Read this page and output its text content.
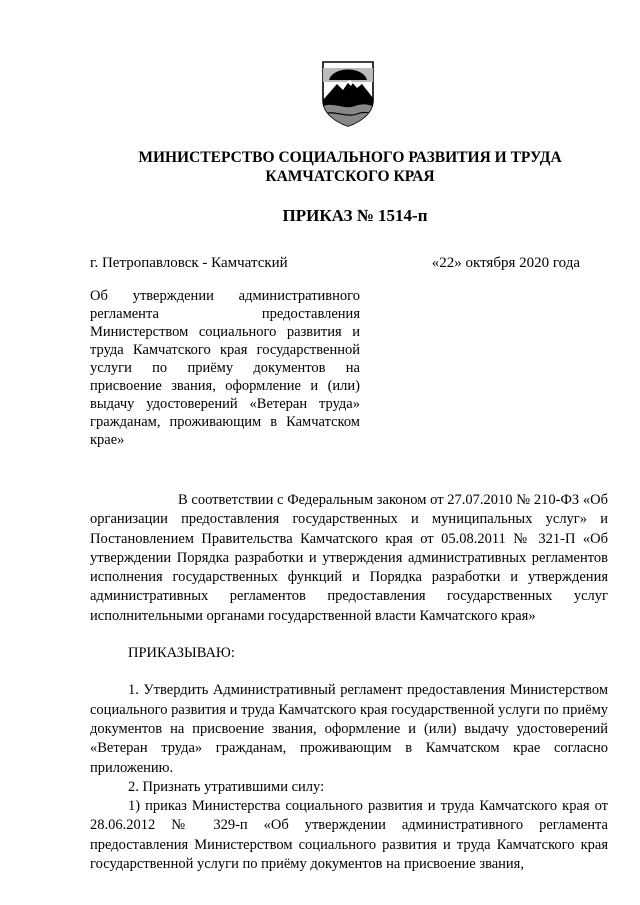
МИНИСТЕРСТВО СОЦИАЛЬНОГО РАЗВИТИЯ И ТРУДА
КАМЧАТСКОГО КРАЯ
ПРИКАЗ № 1514-п
г. Петропавловск - Камчатский	«22» октября 2020 года
Об утверждении административного регламента предоставления Министерством социального развития и труда Камчатского края государственной услуги по приёму документов на присвоение звания, оформление и (или) выдачу удостоверений «Ветеран труда» гражданам, проживающим в Камчатском крае»

В соответствии с Федеральным законом от 27.07.2010 № 210-ФЗ «Об организации предоставления государственных и муниципальных услуг» и Постановлением Правительства Камчатского края от 05.08.2011 № 321-П «Об утверждении Порядка разработки и утверждения административных регламентов исполнения государственных функций и Порядка разработки и утверждения административных регламентов предоставления государственных услуг исполнительными органами государственной власти Камчатского края»

ПРИКАЗЫВАЮ:

1. Утвердить Административный регламент предоставления Министерством социального развития и труда Камчатского края государственной услуги по приёму документов на присвоение звания, оформление и (или) выдачу удостоверений «Ветеран труда» гражданам, проживающим в Камчатском крае согласно приложению.

2. Признать утратившими силу:

1) приказ Министерства социального развития и труда Камчатского края от 28.06.2012 № 329-п «Об утверждении административного регламента предоставления Министерством социального развития и труда Камчатского края государственной услуги по приёму документов на присвоение звания,
